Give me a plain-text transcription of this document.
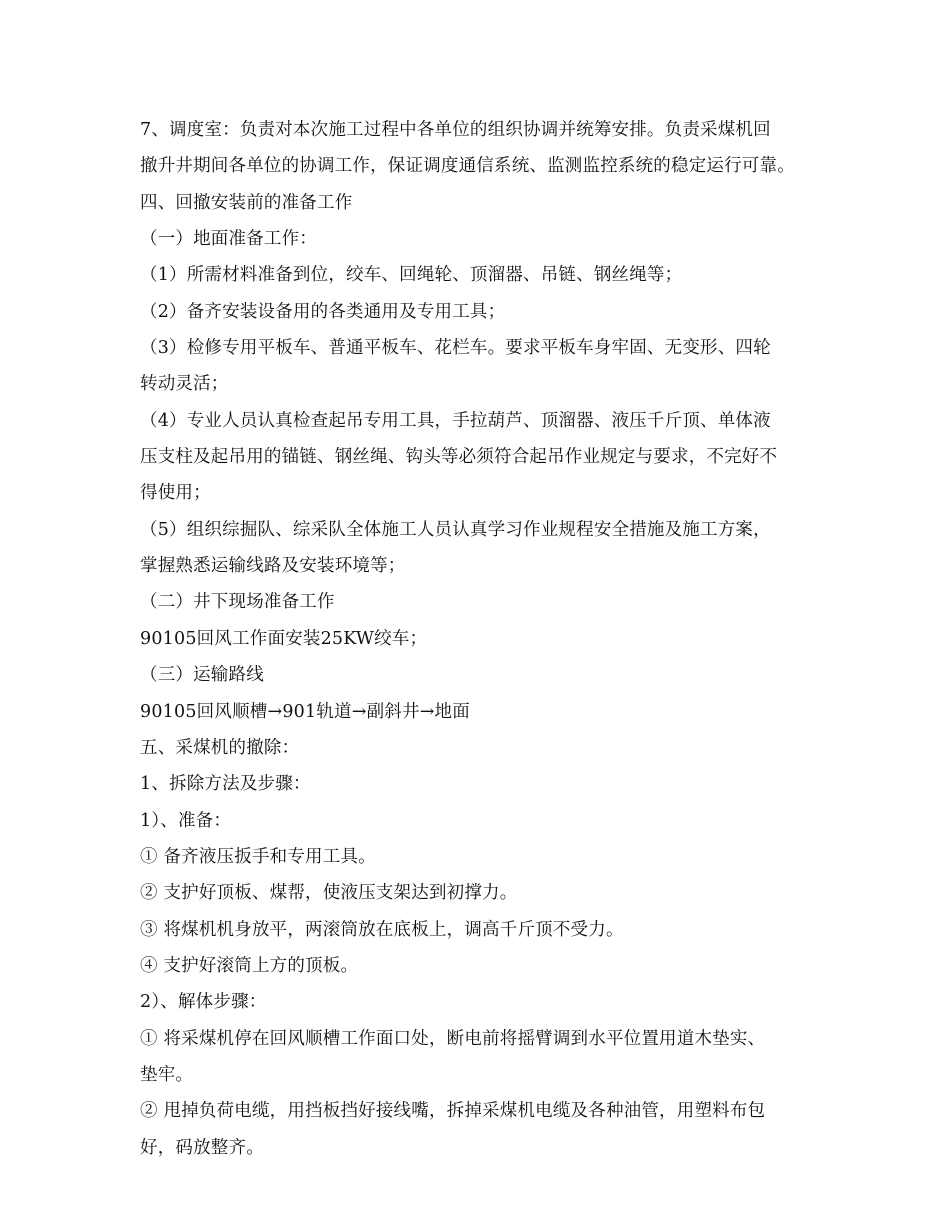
7、调度室：负责对本次施工过程中各单位的组织协调并统筹安排。负责采煤机回
撤升井期间各单位的协调工作，保证调度通信系统、监测监控系统的稳定运行可靠。
四、回撤安装前的准备工作
（一）地面准备工作：
（1）所需材料准备到位，绞车、回绳轮、顶溜器、吊链、钢丝绳等；
（2）备齐安装设备用的各类通用及专用工具；
（3）检修专用平板车、普通平板车、花栏车。要求平板车身牢固、无变形、四轮
转动灵活；
（4）专业人员认真检查起吊专用工具，手拉葫芦、顶溜器、液压千斤顶、单体液
压支柱及起吊用的锚链、钢丝绳、钩头等必须符合起吊作业规定与要求，不完好不
得使用；
（5）组织综掘队、综采队全体施工人员认真学习作业规程安全措施及施工方案，
掌握熟悉运输线路及安装环境等；
（二）井下现场准备工作
90105回风工作面安装25KW绞车；
（三）运输路线
90105回风顺槽→901轨道→副斜井→地面
五、采煤机的撤除：
1、拆除方法及步骤：
1）、准备：
① 备齐液压扳手和专用工具。
② 支护好顶板、煤帮，使液压支架达到初撑力。
③ 将煤机机身放平，两滚筒放在底板上，调高千斤顶不受力。
④ 支护好滚筒上方的顶板。
2）、解体步骤：
① 将采煤机停在回风顺槽工作面口处，断电前将摇臂调到水平位置用道木垫实、
垫牢。
② 甩掉负荷电缆，用挡板挡好接线嘴，拆掉采煤机电缆及各种油管，用塑料布包
好，码放整齐。
